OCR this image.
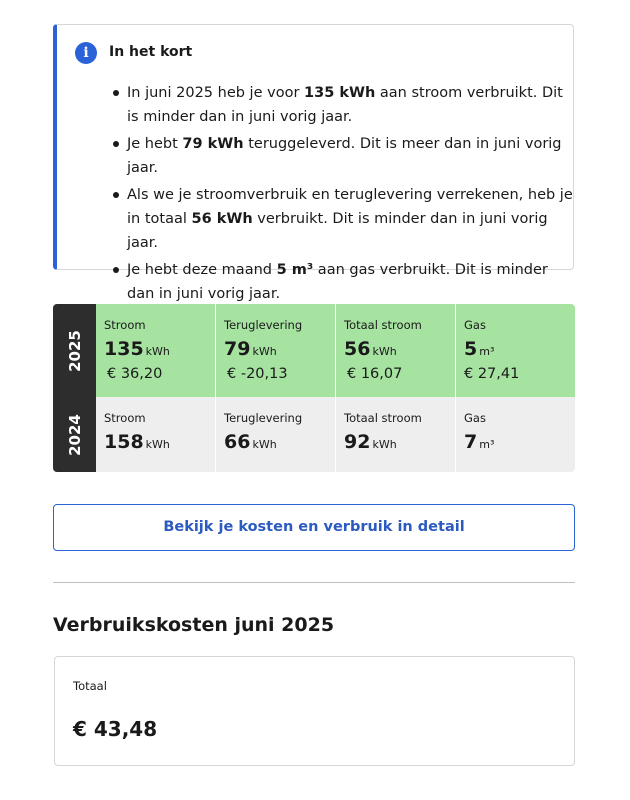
i	In het kort
In juni 2025 heb je voor 135 kWh aan stroom verbruikt. Dit is minder dan in juni vorig jaar.
Je hebt 79 kWh teruggeleverd. Dit is meer dan in juni vorig jaar.
Als we je stroomverbruik en teruglevering verrekenen, heb je in totaal 56 kWh verbruikt. Dit is minder dan in juni vorig jaar.
Je hebt deze maand 5 m³ aan gas verbruikt. Dit is minder dan in juni vorig jaar.
2025
2024
Stroom
135 kWh
€ 36,20
Teruglevering
79 kWh
€ -20,13
Totaal stroom
56 kWh
€ 16,07
Gas
5 m³
€ 27,41
Stroom
158 kWh
Teruglevering
66 kWh
Totaal stroom
92 kWh
Gas
7 m³
Bekijk je kosten en verbruik in detail
Verbruikskosten juni 2025
Totaal
€ 43,48
